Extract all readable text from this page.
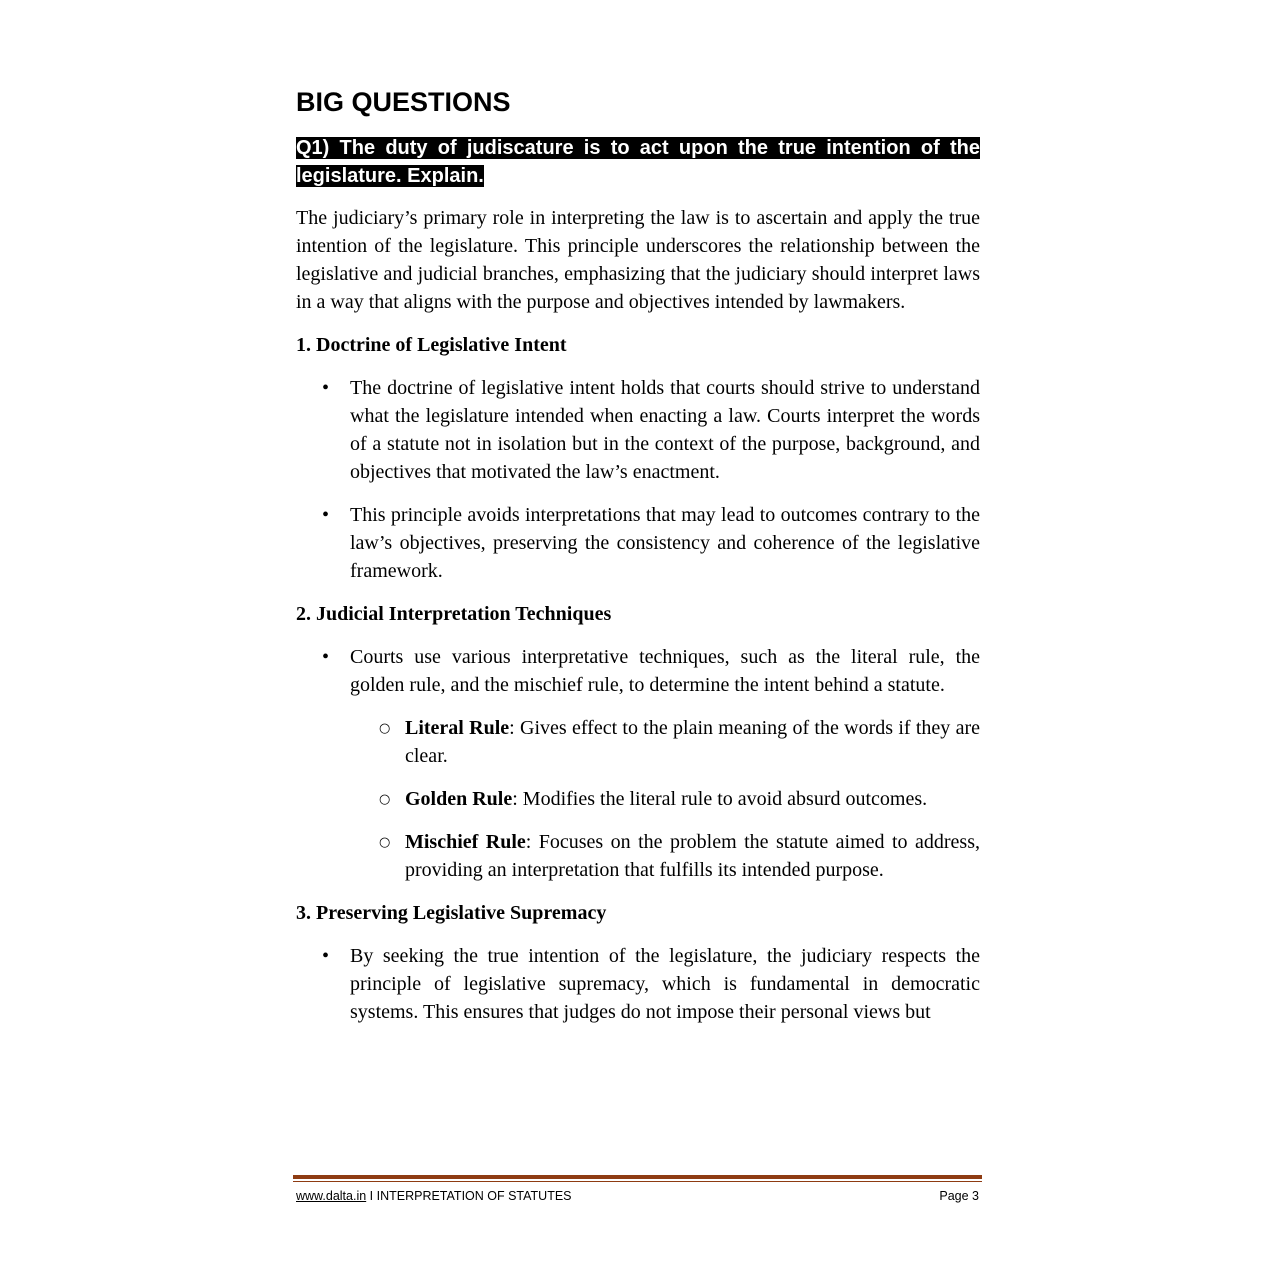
BIG QUESTIONS
Q1) The duty of judiscature is to act upon the true intention of the legislature. Explain.

The judiciary’s primary role in interpreting the law is to ascertain and apply the true intention of the legislature. This principle underscores the relationship between the legislative and judicial branches, emphasizing that the judiciary should interpret laws in a way that aligns with the purpose and objectives intended by lawmakers.

1. Doctrine of Legislative Intent

• The doctrine of legislative intent holds that courts should strive to understand what the legislature intended when enacting a law. Courts interpret the words of a statute not in isolation but in the context of the purpose, background, and objectives that motivated the law’s enactment.
• This principle avoids interpretations that may lead to outcomes contrary to the law’s objectives, preserving the consistency and coherence of the legislative framework.

2. Judicial Interpretation Techniques

• Courts use various interpretative techniques, such as the literal rule, the golden rule, and the mischief rule, to determine the intent behind a statute.
○ Literal Rule: Gives effect to the plain meaning of the words if they are clear.
○ Golden Rule: Modifies the literal rule to avoid absurd outcomes.
○ Mischief Rule: Focuses on the problem the statute aimed to address, providing an interpretation that fulfills its intended purpose.

3. Preserving Legislative Supremacy

• By seeking the true intention of the legislature, the judiciary respects the principle of legislative supremacy, which is fundamental in democratic systems. This ensures that judges do not impose their personal views but
www.dalta.in I INTERPRETATION OF STATUTES	Page 3
